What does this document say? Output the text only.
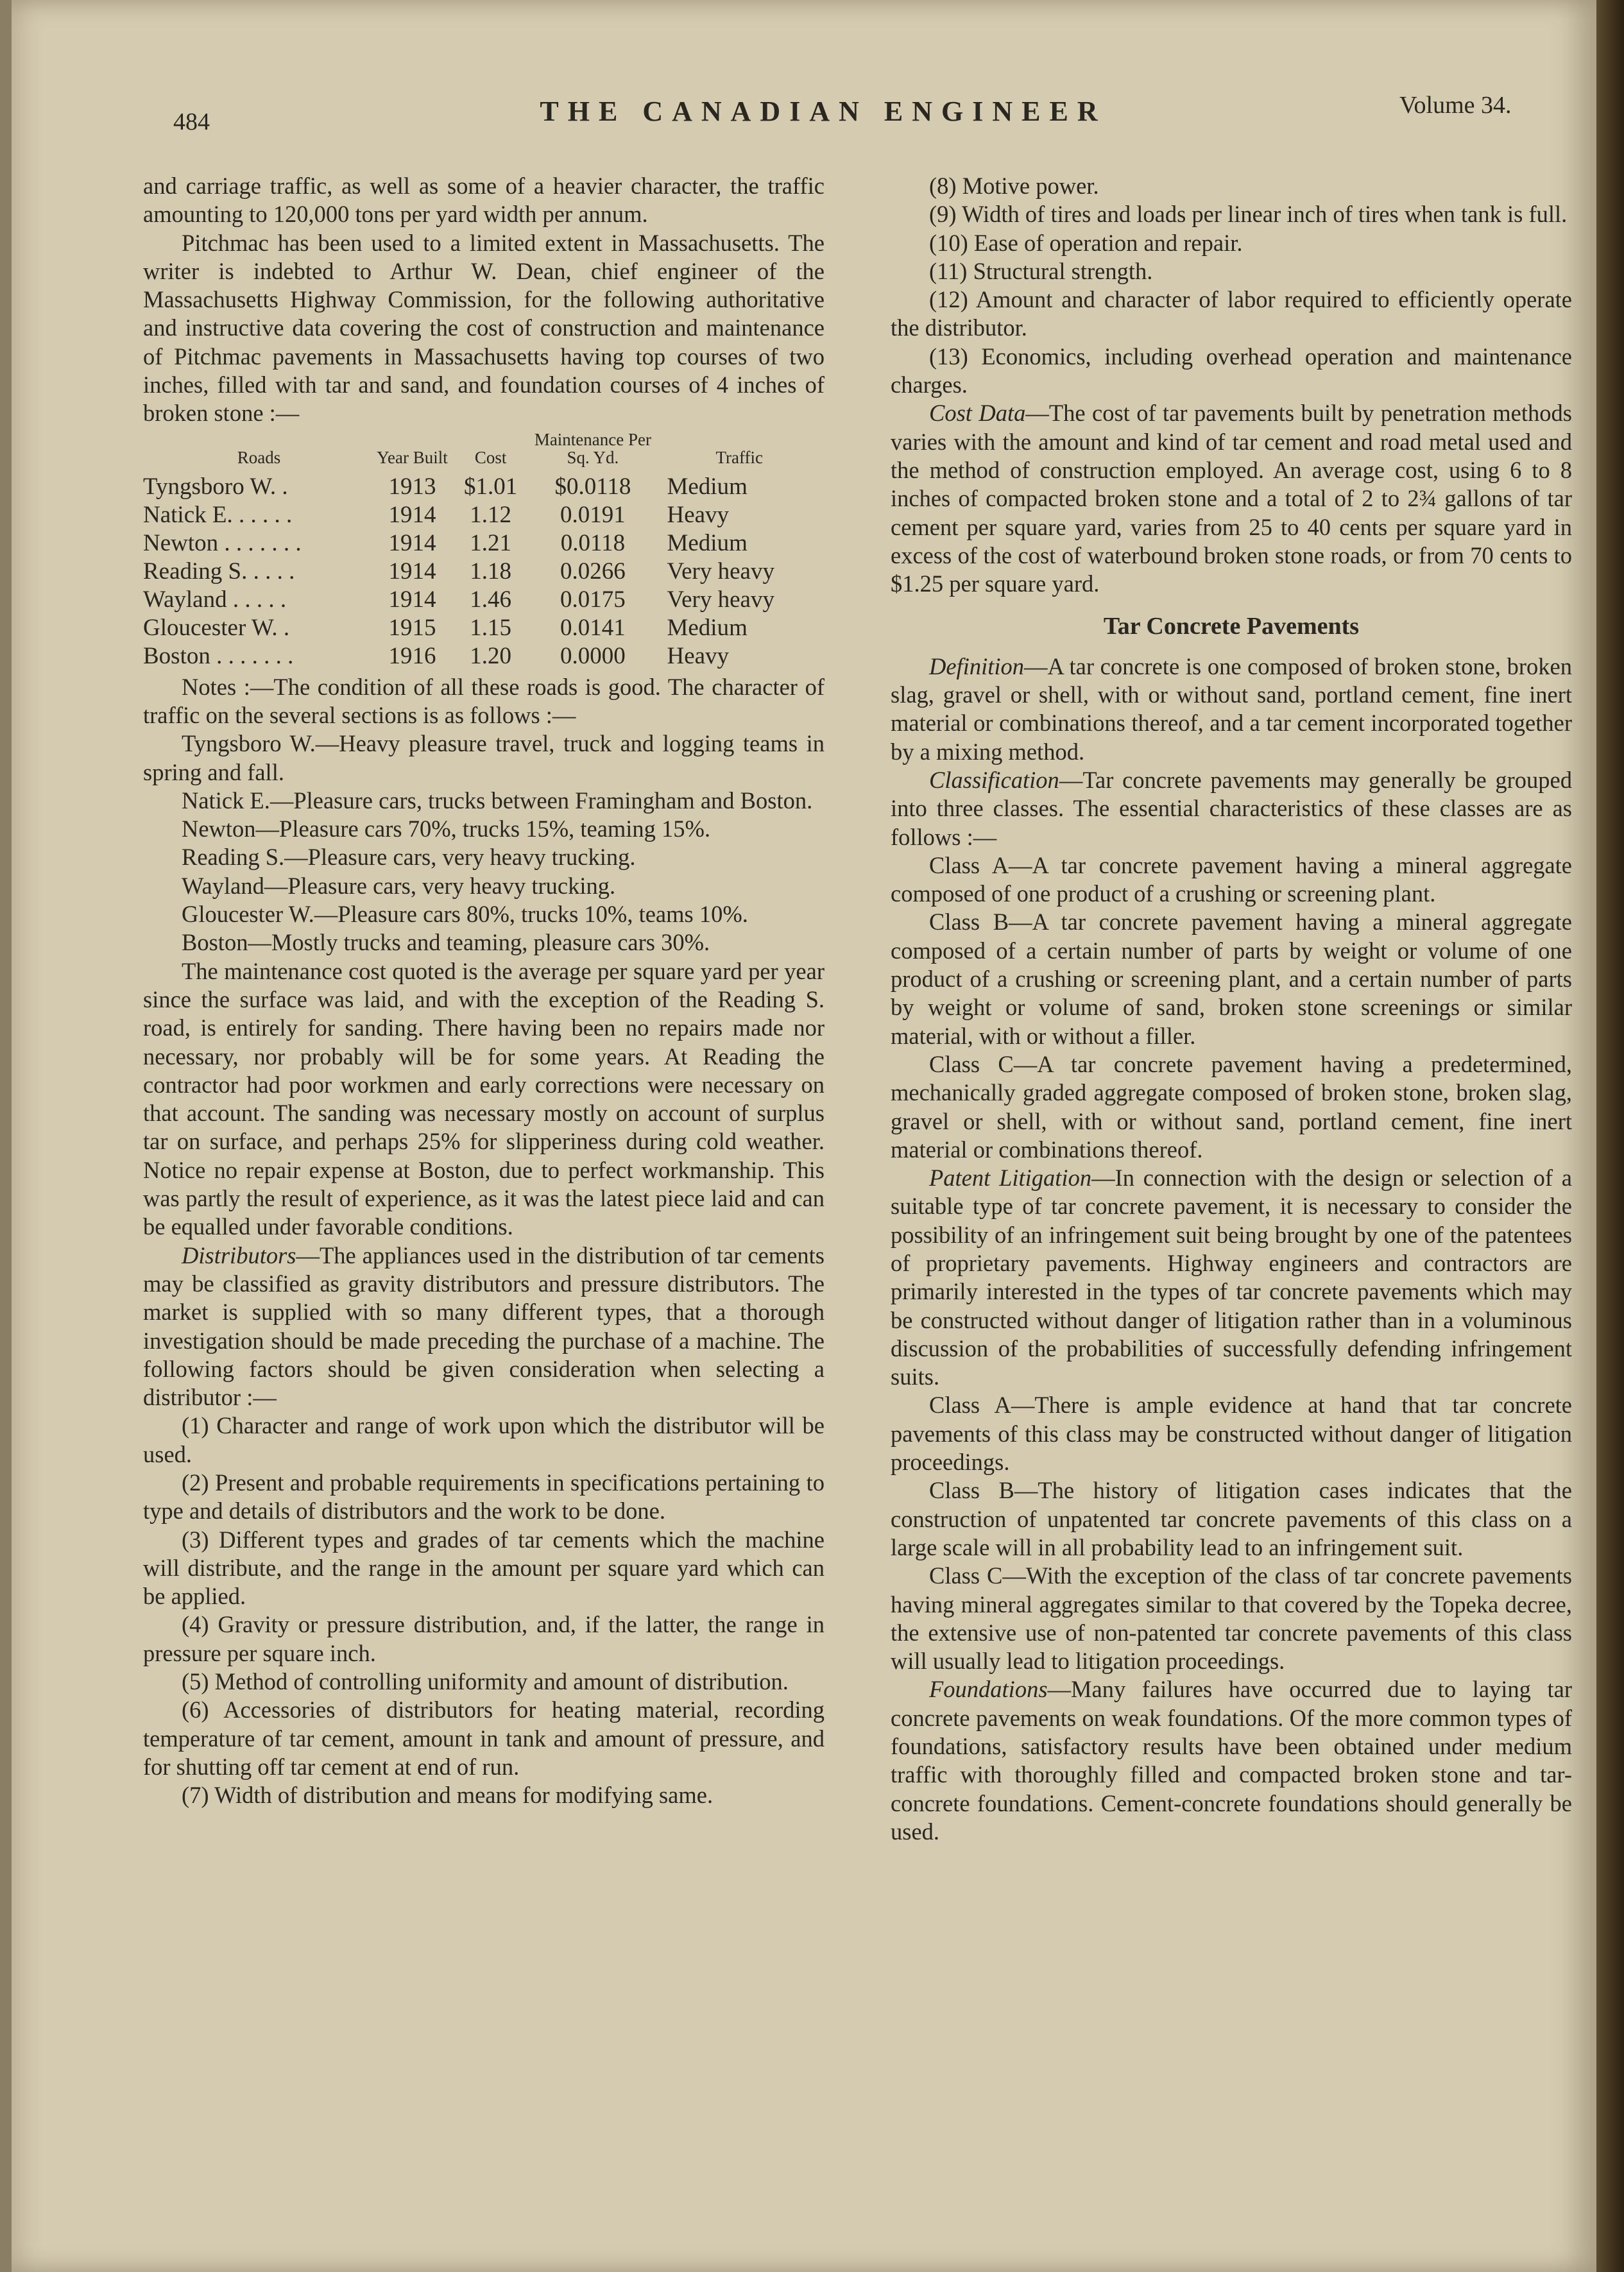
484	THE CANADIAN ENGINEER	Volume 34.

and carriage traffic, as well as some of a heavier character, the traffic amounting to 120,000 tons per yard width per annum.

Pitchmac has been used to a limited extent in Massachusetts. The writer is indebted to Arthur W. Dean, chief engineer of the Massachusetts Highway Commission, for the following authoritative and instructive data covering the cost of construction and maintenance of Pitchmac pavements in Massachusetts having top courses of two inches, filled with tar and sand, and foundation courses of 4 inches of broken stone :—

Roads	Year Built	Cost	Maintenance Per Sq. Yd.	Traffic
Tyngsboro W. .	1913	$1.01	$0.0118	Medium
Natick E. . . . . .	1914	1.12	0.0191	Heavy
Newton . . . . . . .	1914	1.21	0.0118	Medium
Reading S. . . . .	1914	1.18	0.0266	Very heavy
Wayland . . . . .	1914	1.46	0.0175	Very heavy
Gloucester W. .	1915	1.15	0.0141	Medium
Boston . . . . . . .	1916	1.20	0.0000	Heavy

Notes :—The condition of all these roads is good. The character of traffic on the several sections is as follows :—

Tyngsboro W.—Heavy pleasure travel, truck and logging teams in spring and fall.

Natick E.—Pleasure cars, trucks between Framingham and Boston.

Newton—Pleasure cars 70%, trucks 15%, teaming 15%.

Reading S.—Pleasure cars, very heavy trucking.

Wayland—Pleasure cars, very heavy trucking.

Gloucester W.—Pleasure cars 80%, trucks 10%, teams 10%.

Boston—Mostly trucks and teaming, pleasure cars 30%.

The maintenance cost quoted is the average per square yard per year since the surface was laid, and with the exception of the Reading S. road, is entirely for sanding. There having been no repairs made nor necessary, nor probably will be for some years. At Reading the contractor had poor workmen and early corrections were necessary on that account. The sanding was necessary mostly on account of surplus tar on surface, and perhaps 25% for slipperiness during cold weather. Notice no repair expense at Boston, due to perfect workmanship. This was partly the result of experience, as it was the latest piece laid and can be equalled under favorable conditions.

Distributors—The appliances used in the distribution of tar cements may be classified as gravity distributors and pressure distributors. The market is supplied with so many different types, that a thorough investigation should be made preceding the purchase of a machine. The following factors should be given consideration when selecting a distributor :—

(1) Character and range of work upon which the distributor will be used.

(2) Present and probable requirements in specifications pertaining to type and details of distributors and the work to be done.

(3) Different types and grades of tar cements which the machine will distribute, and the range in the amount per square yard which can be applied.

(4) Gravity or pressure distribution, and, if the latter, the range in pressure per square inch.

(5) Method of controlling uniformity and amount of distribution.

(6) Accessories of distributors for heating material, recording temperature of tar cement, amount in tank and amount of pressure, and for shutting off tar cement at end of run.

(7) Width of distribution and means for modifying same.

(8) Motive power.

(9) Width of tires and loads per linear inch of tires when tank is full.

(10) Ease of operation and repair.

(11) Structural strength.

(12) Amount and character of labor required to efficiently operate the distributor.

(13) Economics, including overhead operation and maintenance charges.

Cost Data—The cost of tar pavements built by penetration methods varies with the amount and kind of tar cement and road metal used and the method of construction employed. An average cost, using 6 to 8 inches of compacted broken stone and a total of 2 to 2¾ gallons of tar cement per square yard, varies from 25 to 40 cents per square yard in excess of the cost of waterbound broken stone roads, or from 70 cents to $1.25 per square yard.

Tar Concrete Pavements

Definition—A tar concrete is one composed of broken stone, broken slag, gravel or shell, with or without sand, portland cement, fine inert material or combinations thereof, and a tar cement incorporated together by a mixing method.

Classification—Tar concrete pavements may generally be grouped into three classes. The essential characteristics of these classes are as follows :—

Class A—A tar concrete pavement having a mineral aggregate composed of one product of a crushing or screening plant.

Class B—A tar concrete pavement having a mineral aggregate composed of a certain number of parts by weight or volume of one product of a crushing or screening plant, and a certain number of parts by weight or volume of sand, broken stone screenings or similar material, with or without a filler.

Class C—A tar concrete pavement having a predetermined, mechanically graded aggregate composed of broken stone, broken slag, gravel or shell, with or without sand, portland cement, fine inert material or combinations thereof.

Patent Litigation—In connection with the design or selection of a suitable type of tar concrete pavement, it is necessary to consider the possibility of an infringement suit being brought by one of the patentees of proprietary pavements. Highway engineers and contractors are primarily interested in the types of tar concrete pavements which may be constructed without danger of litigation rather than in a voluminous discussion of the probabilities of successfully defending infringement suits.

Class A—There is ample evidence at hand that tar concrete pavements of this class may be constructed without danger of litigation proceedings.

Class B—The history of litigation cases indicates that the construction of unpatented tar concrete pavements of this class on a large scale will in all probability lead to an infringement suit.

Class C—With the exception of the class of tar concrete pavements having mineral aggregates similar to that covered by the Topeka decree, the extensive use of non-patented tar concrete pavements of this class will usually lead to litigation proceedings.

Foundations—Many failures have occurred due to laying tar concrete pavements on weak foundations. Of the more common types of foundations, satisfactory results have been obtained under medium traffic with thoroughly filled and compacted broken stone and tar-concrete foundations. Cement-concrete foundations should generally be used.
